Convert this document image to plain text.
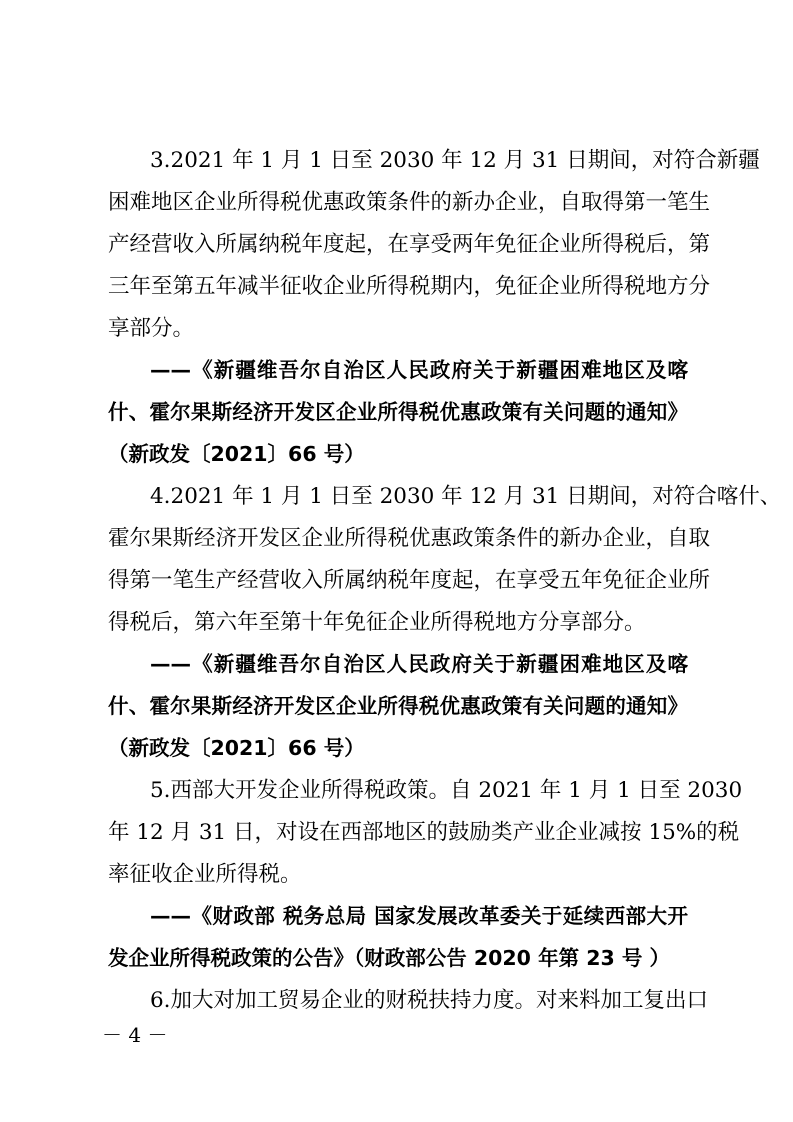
3.2021 年 1 月 1 日至 2030 年 12 月 31 日期间，对符合新疆
困难地区企业所得税优惠政策条件的新办企业，自取得第一笔生
产经营收入所属纳税年度起，在享受两年免征企业所得税后，第
三年至第五年减半征收企业所得税期内，免征企业所得税地方分
享部分。
——《新疆维吾尔自治区人民政府关于新疆困难地区及喀
什、霍尔果斯经济开发区企业所得税优惠政策有关问题的通知》
（新政发〔2021〕66 号）
4.2021 年 1 月 1 日至 2030 年 12 月 31 日期间，对符合喀什、
霍尔果斯经济开发区企业所得税优惠政策条件的新办企业，自取
得第一笔生产经营收入所属纳税年度起，在享受五年免征企业所
得税后，第六年至第十年免征企业所得税地方分享部分。
——《新疆维吾尔自治区人民政府关于新疆困难地区及喀
什、霍尔果斯经济开发区企业所得税优惠政策有关问题的通知》
（新政发〔2021〕66 号）
5.西部大开发企业所得税政策。自 2021 年 1 月 1 日至 2030
年 12 月 31 日，对设在西部地区的鼓励类产业企业减按 15%的税
率征收企业所得税。
——《财政部 税务总局 国家发展改革委关于延续西部大开
发企业所得税政策的公告》（财政部公告 2020 年第 23 号 ）
6.加大对加工贸易企业的财税扶持力度。对来料加工复出口
－ 4 －
